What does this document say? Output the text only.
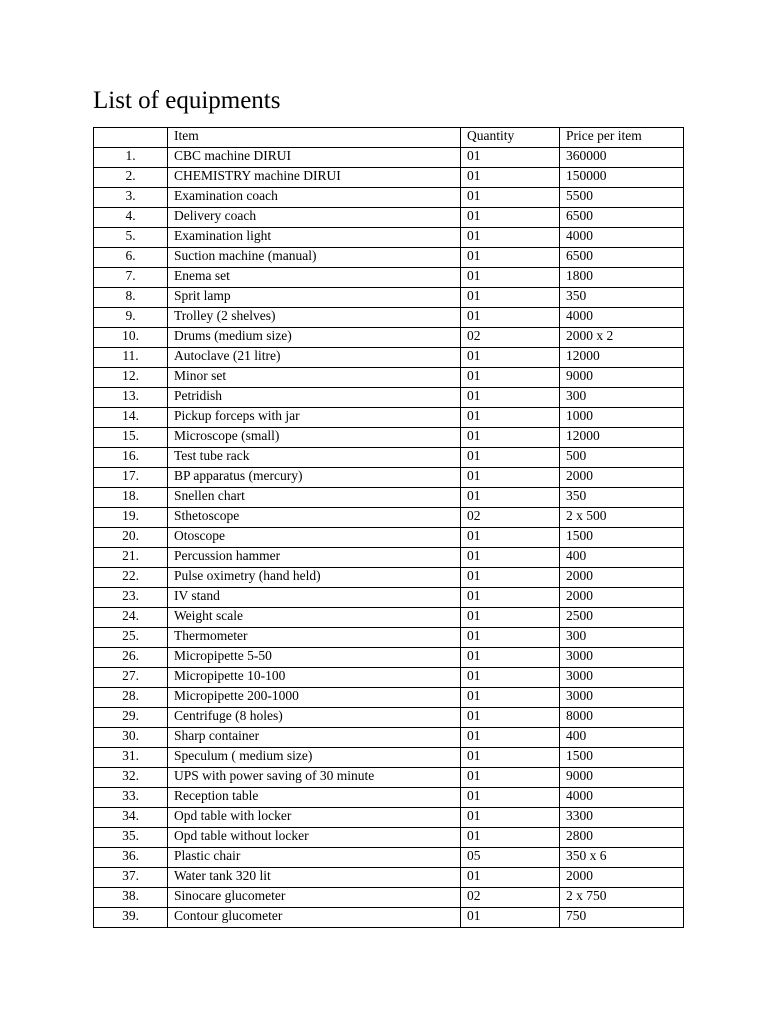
List of equipments
	Item	Quantity	Price per item
1.	CBC machine DIRUI	01	360000
2.	CHEMISTRY machine DIRUI	01	150000
3.	Examination coach	01	5500
4.	Delivery coach	01	6500
5.	Examination light	01	4000
6.	Suction machine (manual)	01	6500
7.	Enema set	01	1800
8.	Sprit lamp	01	350
9.	Trolley (2 shelves)	01	4000
10.	Drums (medium size)	02	2000 x 2
11.	Autoclave (21 litre)	01	12000
12.	Minor set	01	9000
13.	Petridish	01	300
14.	Pickup forceps with jar	01	1000
15.	Microscope (small)	01	12000
16.	Test tube rack	01	500
17.	BP apparatus (mercury)	01	2000
18.	Snellen chart	01	350
19.	Sthetoscope	02	2 x 500
20.	Otoscope	01	1500
21.	Percussion hammer	01	400
22.	Pulse oximetry (hand held)	01	2000
23.	IV stand	01	2000
24.	Weight scale	01	2500
25.	Thermometer	01	300
26.	Micropipette 5-50	01	3000
27.	Micropipette 10-100	01	3000
28.	Micropipette 200-1000	01	3000
29.	Centrifuge (8 holes)	01	8000
30.	Sharp container	01	400
31.	Speculum ( medium size)	01	1500
32.	UPS with power saving of 30 minute	01	9000
33.	Reception table	01	4000
34.	Opd table with locker	01	3300
35.	Opd table without locker	01	2800
36.	Plastic chair	05	350 x 6
37.	Water tank 320 lit	01	2000
38.	Sinocare glucometer	02	2 x 750
39.	Contour glucometer	01	750
